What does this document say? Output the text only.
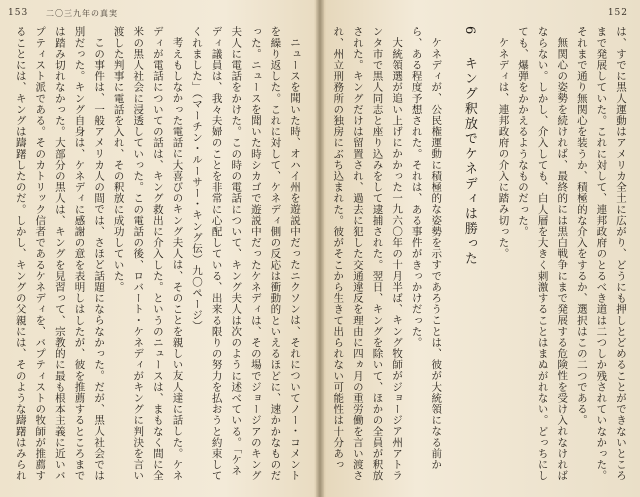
153 二〇三九年の真実

ニュースを聞いた時、オハイ州を遊説中だったニクソンは、それについてノー・コメントを繰り返した。これに対して、ケネディ側の反応は衝動的といえるほどに、速かかなものだった。ニュースを聞いた時シカゴで遊説中だったケネディは、その場でジョージアのキング夫人に電話をかけた。この時の電話について、キング夫人は次のように述べている。「ケネディ議員は、我々夫婦のことを非常に心配している、出来る限りの努力を払おうと約束してくれました」（マーチン・ルーサー・キング伝）九〇ページ）

考えもしなかった電話に大喜びのキング夫人は、そのことを親しい友人達に話した。ケネディが電話についての話は、キング救出に介入した。というのニュースは、まもなく間に全米の黒人社会に浸透していった。この電話の後、ロバート・ケネディがキングに判決を言い渡した判事に電話を入れ、その釈放に成功していた。

この事件は、一般アメリカ人の間では、さほど話題にならなかった。だが、黒人社会では別だった。キング自身は、ケネディに感謝の意を表明しはしたが、彼を推薦するところまでは踏み切れなかった。大部分の黒人は、キングを見習って、宗教的に最も根本主義に近いバプティスト派である。そのカトリック信者であるケネディを、バプティストの牧師が推薦することには、キングは躊躇したのだ。しかし、キングの父親には、そのような躊躇はみられ

152

は、すでに黒人運動はアメリカ全土に広がり、どうにも押しとどめることができないところまで発展していた。これに対して、連邦政府のとるべき道は二つしか残されていなかった。それまで通り無関心を装うか、積極的な介入をするか、選択はこの二つである。

無関心の姿勢を続ければ、最終的には黒白戦争にまで発展する危険性を受け入れなければならない。しかし、介入しても、白人層を大きく刺激することはまぬがれない。どっちにしても、爆弾をかかえるようなものだった。

ケネディは、連邦政府の介入に踏み切った。

6 キング釈放でケネディは勝った

ケネディが、公民権運動に積極的な姿勢を示すであろうことは、彼が大統領になる前から、ある程度予想された。それは、ある事件がきっかけだった。

大統領選が追い上げにかかった一九六〇年の十月半ば、キング牧師がジョージア州アトランタ市で黒人同志と座り込みをして逮捕された。翌日、キングを除いて、ほかの全員が釈放された。キングだけは留置され、過去に犯した交通違反を理由に四ヵ月の重労働を言い渡され、州立刑務所の独房にぶち込まれた。彼がそこから生きて出られない可能性は十分あっ
